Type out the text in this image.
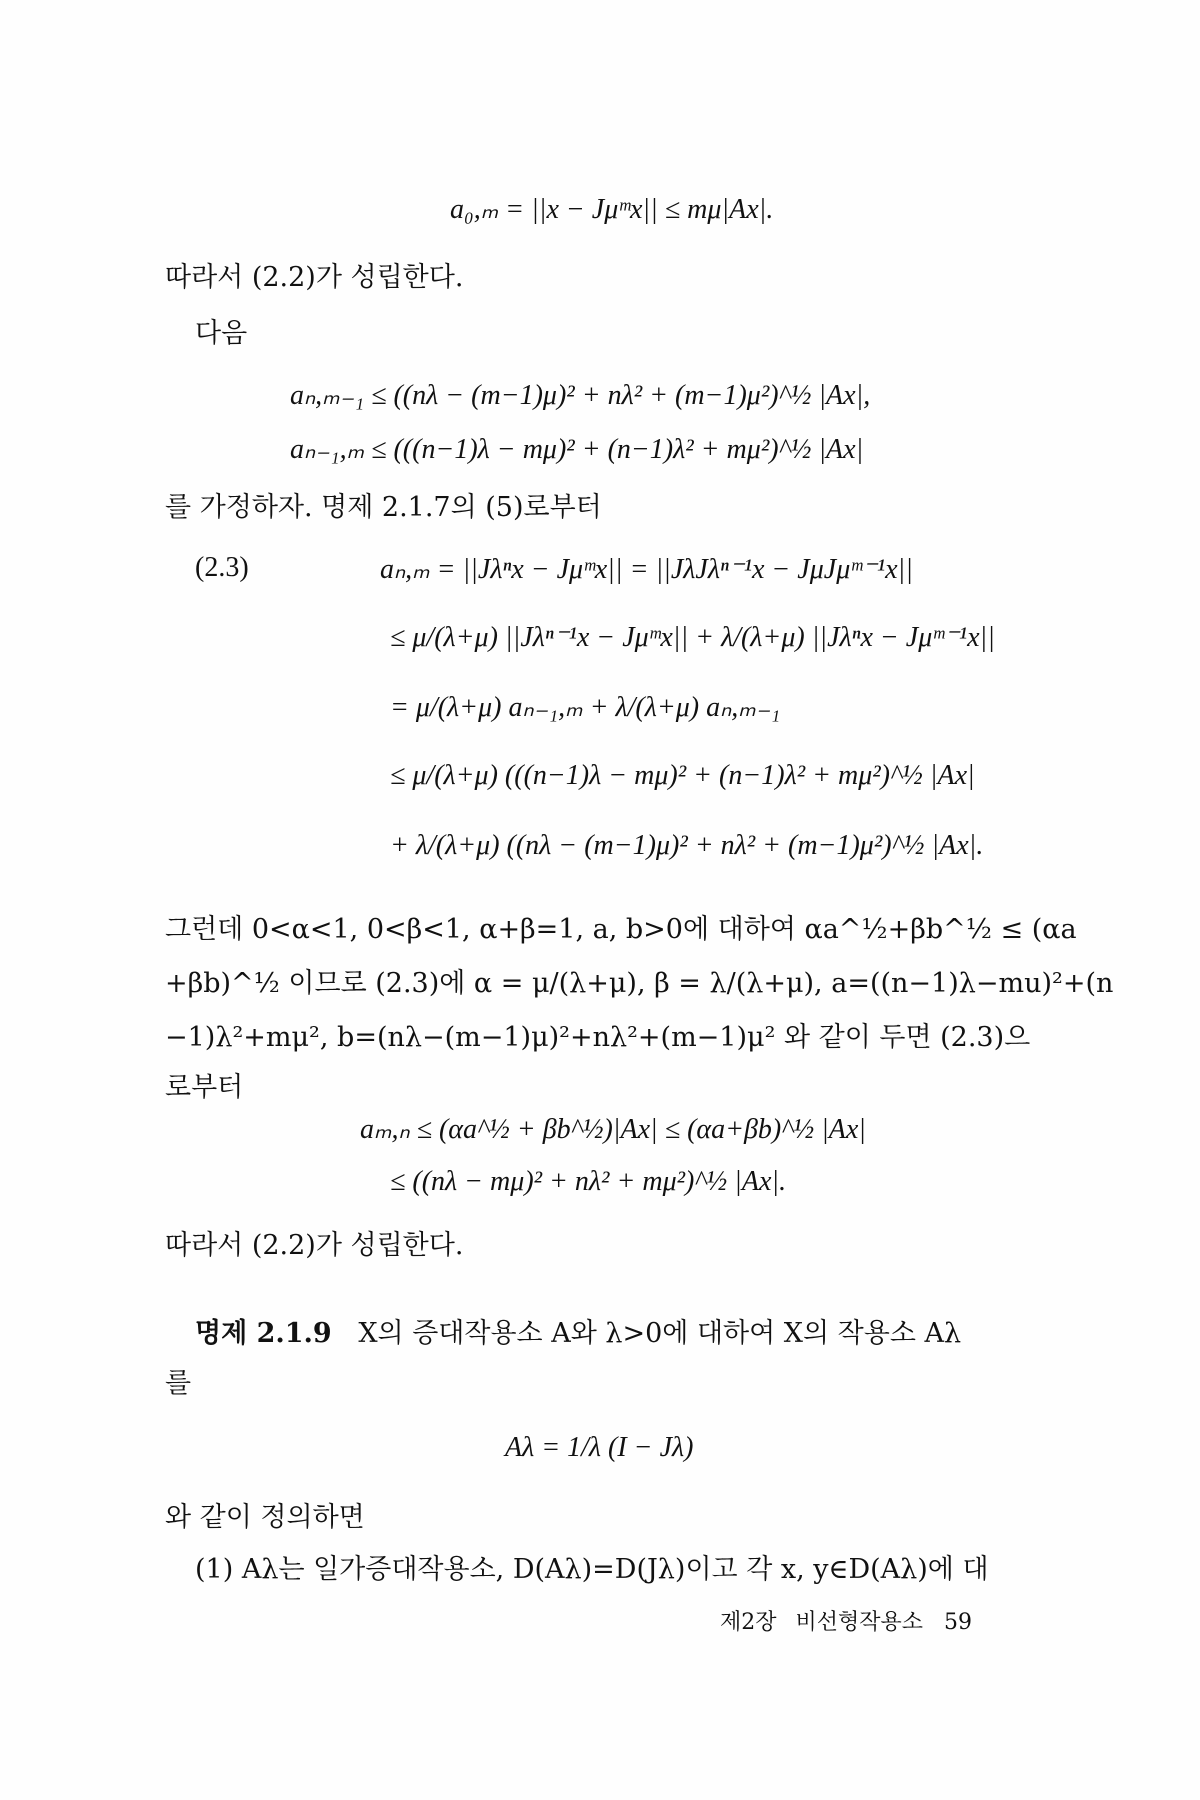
a₀,ₘ = ||x − Jμᵐx|| ≤ mμ|Ax|.
따라서 (2.2)가 성립한다.
다음
aₙ,ₘ₋₁ ≤ ((nλ − (m−1)μ)² + nλ² + (m−1)μ²)^½ |Ax|,
aₙ₋₁,ₘ ≤ (((n−1)λ − mμ)² + (n−1)λ² + mμ²)^½ |Ax|
를 가정하자. 명제 2.1.7의 (5)로부터
(2.3)	aₙ,ₘ = ||Jλⁿx − Jμᵐx|| = ||JλJλⁿ⁻¹x − JμJμᵐ⁻¹x||
≤ μ/(λ+μ) ||Jλⁿ⁻¹x − Jμᵐx|| + λ/(λ+μ) ||Jλⁿx − Jμᵐ⁻¹x||
= μ/(λ+μ) aₙ₋₁,ₘ + λ/(λ+μ) aₙ,ₘ₋₁
≤ μ/(λ+μ) (((n−1)λ − mμ)² + (n−1)λ² + mμ²)^½ |Ax|
+ λ/(λ+μ) ((nλ − (m−1)μ)² + nλ² + (m−1)μ²)^½ |Ax|.
그런데 0<α<1, 0<β<1, α+β=1, a, b>0에 대하여 αa^½+βb^½ ≤ (αa
+βb)^½ 이므로 (2.3)에 α = μ/(λ+μ), β = λ/(λ+μ), a=((n−1)λ−mu)²+(n
−1)λ²+mμ², b=(nλ−(m−1)μ)²+nλ²+(m−1)μ² 와 같이 두면 (2.3)으
로부터
aₘ,ₙ ≤ (αa^½ + βb^½)|Ax| ≤ (αa+βb)^½ |Ax|
≤ ((nλ − mμ)² + nλ² + mμ²)^½ |Ax|.
따라서 (2.2)가 성립한다.
명제 2.1.9 X의 증대작용소 A와 λ>0에 대하여 X의 작용소 Aλ
를
Aλ = 1/λ (I − Jλ)
와 같이 정의하면
(1) Aλ는 일가증대작용소, D(Aλ)=D(Jλ)이고 각 x, y∈D(Aλ)에 대
제2장 비선형작용소 59
